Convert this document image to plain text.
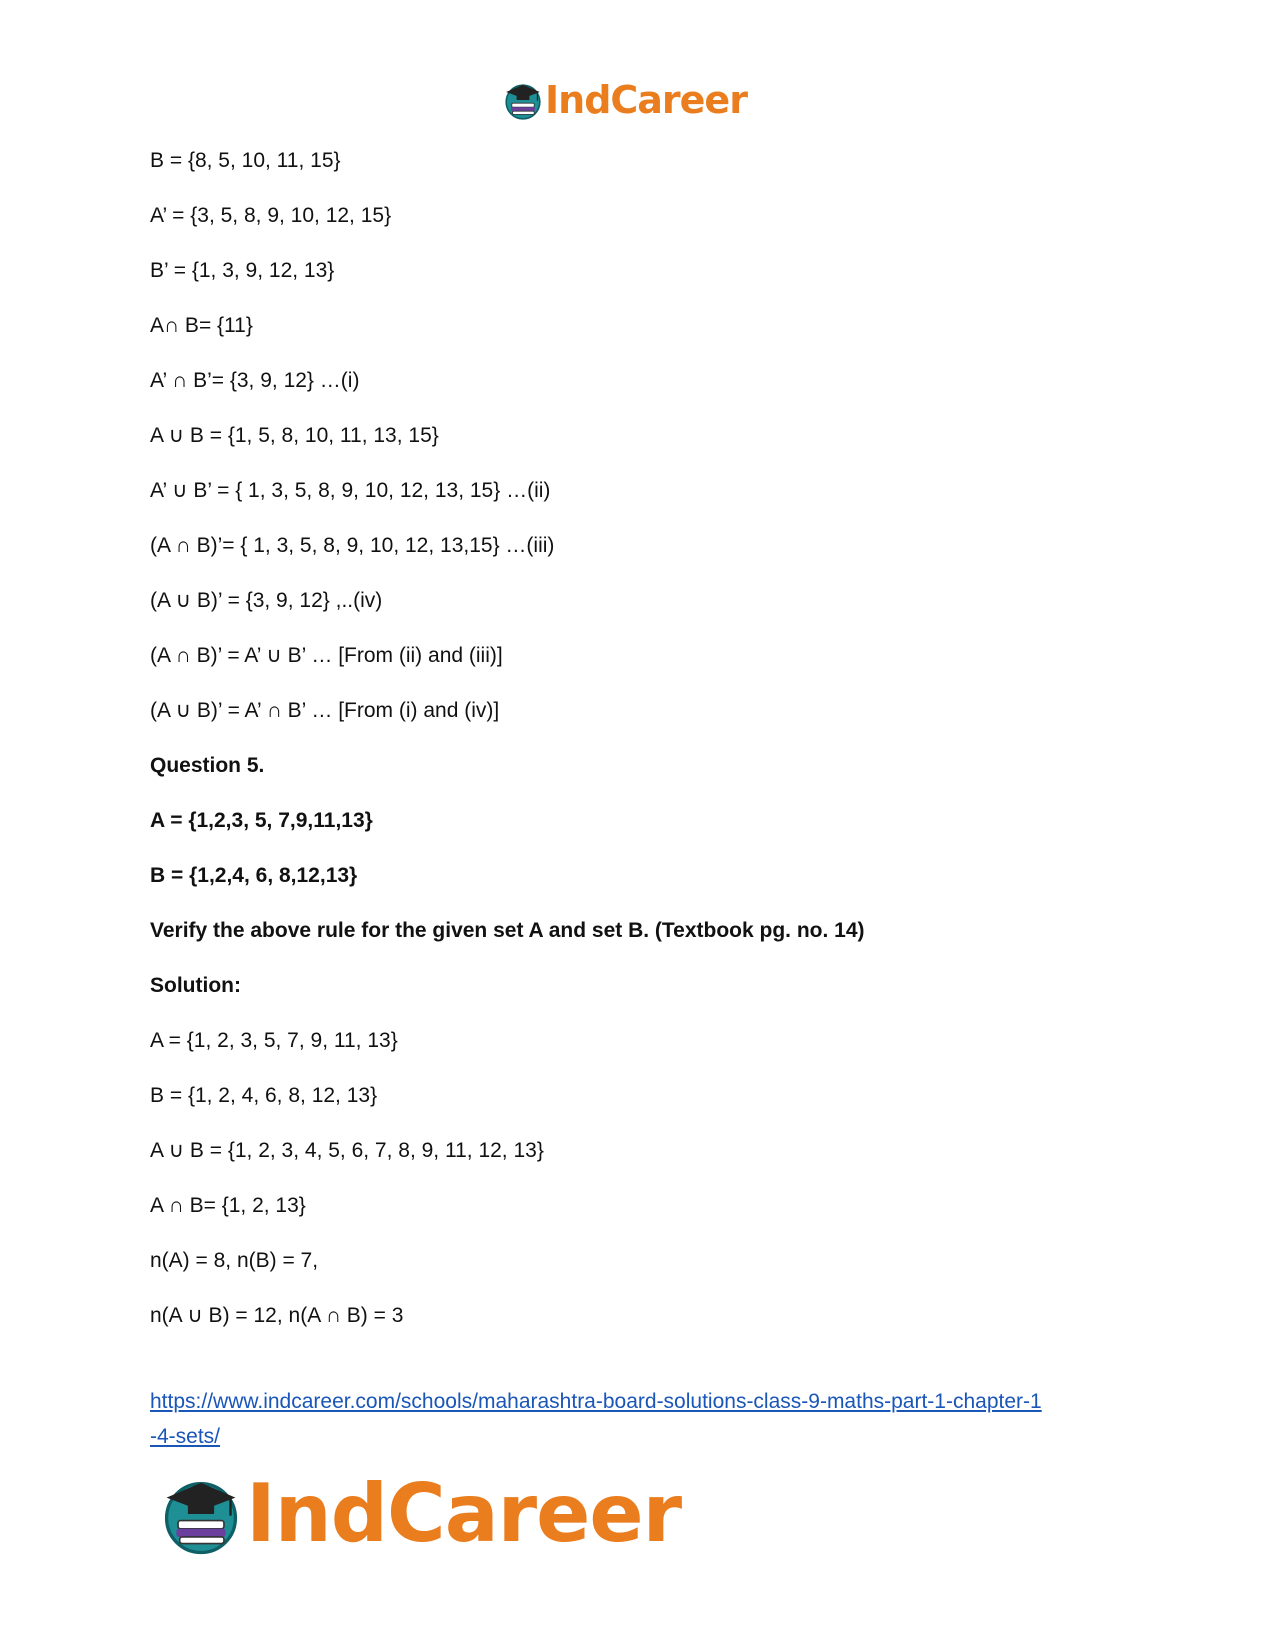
IndCareer
B = {8, 5, 10, 11, 15}
A’ = {3, 5, 8, 9, 10, 12, 15}
B’ = {1, 3, 9, 12, 13}
A∩ B= {11}
A’ ∩ B’= {3, 9, 12} …(i)
A ∪ B = {1, 5, 8, 10, 11, 13, 15}
A’ ∪ B’ = { 1, 3, 5, 8, 9, 10, 12, 13, 15} …(ii)
(A ∩ B)’= { 1, 3, 5, 8, 9, 10, 12, 13,15} …(iii)
(A ∪ B)’ = {3, 9, 12} ,..(iv)
(A ∩ B)’ = A’ ∪ B’ … [From (ii) and (iii)]
(A ∪ B)’ = A’ ∩ B’ … [From (i) and (iv)]
Question 5.
A = {1,2,3, 5, 7,9,11,13}
B = {1,2,4, 6, 8,12,13}
Verify the above rule for the given set A and set B. (Textbook pg. no. 14)
Solution:
A = {1, 2, 3, 5, 7, 9, 11, 13}
B = {1, 2, 4, 6, 8, 12, 13}
A ∪ B = {1, 2, 3, 4, 5, 6, 7, 8, 9, 11, 12, 13}
A ∩ B= {1, 2, 13}
n(A) = 8, n(B) = 7,
n(A ∪ B) = 12, n(A ∩ B) = 3
https://www.indcareer.com/schools/maharashtra-board-solutions-class-9-maths-part-1-chapter-1
-4-sets/
IndCareer
